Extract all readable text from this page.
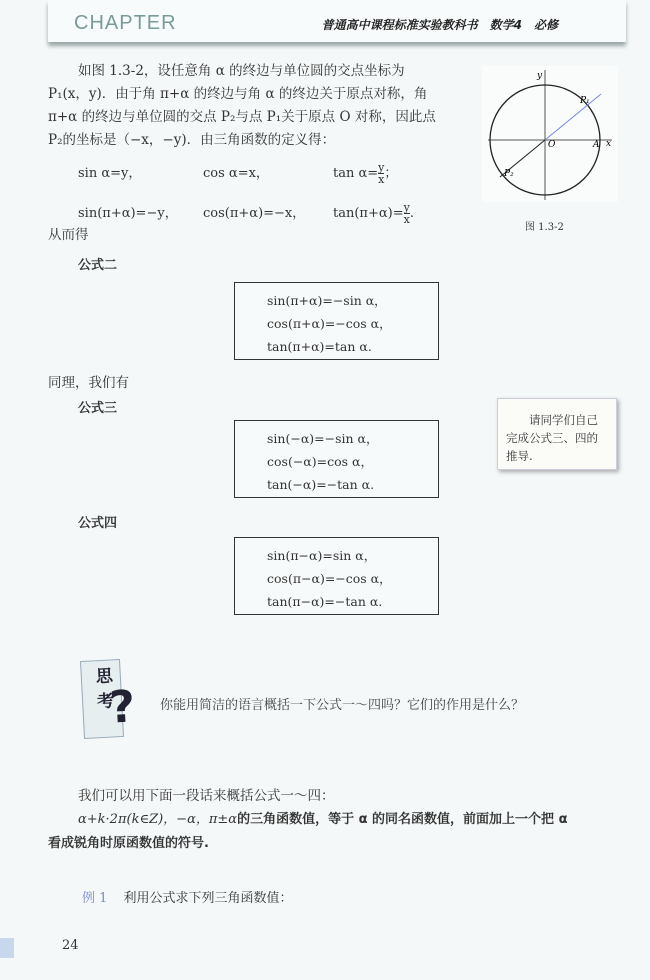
CHAPTER	普通高中课程标准实验教科书　数学4　必修
如图 1.3-2，设任意角 α 的终边与单位圆的交点坐标为
P₁(x，y)．由于角 π+α 的终边与角 α 的终边关于原点对称，角
π+α 的终边与单位圆的交点 P₂与点 P₁关于原点 O 对称，因此点
P₂的坐标是（−x，−y)．由三角函数的定义得：
sin α=y，	cos α=x，	$\tan \alpha= \frac{y}{x}$ ；
sin(π+α)=−y， cos(π+α)=−x， $\tan(\pi+\alpha)= \frac{y}{x}$ .
y
x
O	A
P₁
P₂
图 1.3-2
从而得
公式二
sin(π+α)=−sin α，
cos(π+α)=−cos α，
tan(π+α)=tan α.
同理，我们有
公式三
sin(−α)=−sin α，
cos(−α)=cos α，
tan(−α)=−tan α.
请同学们自己完成公式三、四的推导.
公式四
sin(π−α)=sin α，
cos(π−α)=−cos α，
tan(π−α)=−tan α.
思考
? 你能用简洁的语言概括一下公式一～四吗？它们的作用是什么？
我们可以用下面一段话来概括公式一～四：
α+k·2π(k∈Z)，−α，π±α的三角函数值，等于 α 的同名函数值，前面加上一个把 α
看成锐角时原函数值的符号.
例 1 利用公式求下列三角函数值：
24
